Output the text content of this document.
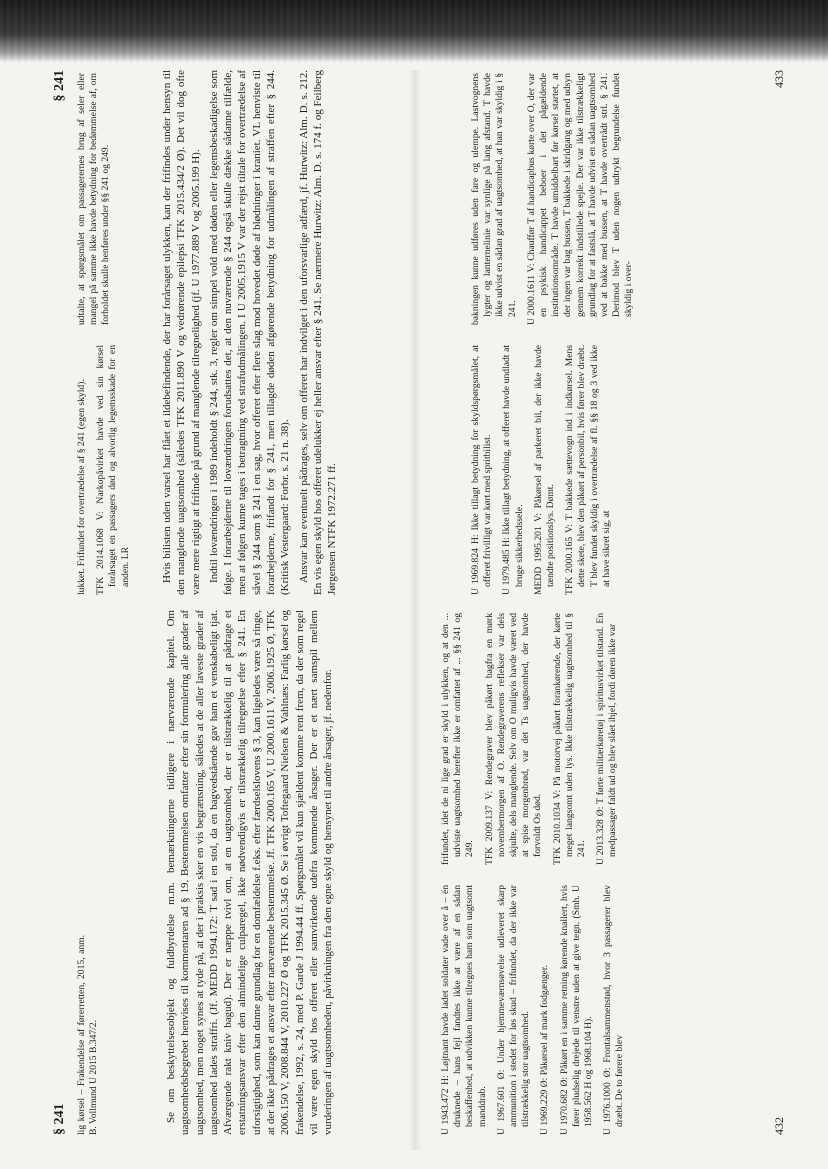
§ 241 lig kørsel – Frakendelse af førerretten, 2015, anm. B. Vollmund U 2015 B.347/2.	Se om beskyttelsesobjekt og fuldbyrdelse m.m. bemærkningerne tidligere i nærværende kapitel. Om uagtsomhedsbegrebet henvises til kommentaren ad § 19. Bestemmelsen omfatter efter sin formulering alle grader af uagtsomhed, men noget synes at tyde på, at der i praksis sker en vis begrænsning, således at de aller laveste grader af uagtsomhed lades straffri. (Jf. MEDD 1994.172: T sad i en stol, da en bagvedstående gav ham et venskabeligt tjat. Afværgende rakt kniv bagud). Der er næppe tvivl om, at en uagtsomhed, der er tilstrækkelig til at pådrage et erstatningsansvar efter den almindelige culparegel, ikke nødvendigvis er tilstrækkelig tilregnelse efter § 241. En uforsigtighed, som kan danne grundlag for en domfældelse f.eks. efter færdselslovens § 3, kan ligeledes være så ringe, at der ikke pådrages et ansvar efter nærværende bestemmelse. Jf. TFK 2000.165 V, U 2000.1611 V, 2006.1925 Ø, TFK 2006.150 V, 2008.844 V, 2010.227 Ø og TFK 2015.345 Ø. Se i øvrigt Toftegaard Nielsen & Vahlnæs: Farlig kørsel og frakendelse, 1992, s. 24, med P. Garde J 1994.44 ff. Spørgsmålet vil kun sjældent komme rent frem, da der som regel vil være egen skyld hos offeret eller samvirkende udefra kommende årsager. Der er et nært samspil mellem vurderingen af uagtsomheden, påvirkningen fra den egne skyld og hensynet til andre årsager, jf. nedenfor.	U 1943.472 H: Løjtnant havde ladet soldater vade over å – én druknede – hans fejl fandtes ikke at være af en sådan beskaffenhed, at udvikken kunne tilregnes ham som uagtsomt manddrab. U 1967.601 Ø: Under hjemmeværnsøvelse udleveret skarp ammunition i stedet for løs skud – frifundet, da der ikke var tilstrækkelig stor uagtsomhed. U 1969.229 Ø: Påkørsel af mark fodgænger. U 1970.682 Ø: Påkørt en i samme retning kørende knallert, hvis fører pludselig drejede til venstre uden at give tegn. (Smh. U 1958.562 H og 1968.104 H). U 1976.1000 Ø: Frontalsammenstød, hvor 3 passagerer blev dræbt. De to førere blev

frifundet, idet de ni lige grad er skyld i ulykken, og at den ... udviste uagtsomhed herefter ikke er omfattet af ... §§ 241 og 249. TFK 2009.137 V: Rendegraver blev påkørt bagfra en mørk novembermorgen af O. Rendegraverens reflekser var dels skjulte, dels manglende. Selv om O muligvis havde været ved at spise morgenbrød, var det Ts uagtsomhed, der havde forvoldt Os død. TFK 2010.1034 V: På motorvej påkørt forankørende, der kørte meget langsomt uden lys. Ikke tilstrækkelig uagtsomhed til § 241. U 2013.328 Ø: T førte militærkøretøj i spiritusvirket tilstand. En medpassager faldt ud og blev slået ihjel, fordi døren ikke var

432
§ 241

lukket. Frifundet for overtrædelse af § 241 (egen skyld). TFK 2014.1068 V: Narkopåvirket havde ved sin kørsel forårsaget en passagers død og alvorlig legemsskade for en anden. LR

udtalte, at spørgsmålet om passagerernes brug af seler eller mangel på samme ikke havde betydning for bedømmelse af, om forholdet skulle henføres under §§ 241 og 249.	Hvis bilisten uden varsel har flået et ildebefindende, der har forårsaget ulykken, kan der frifindes under hensyn til den manglende uagtsomhed (således TFK 2011.890 V og vedrørende epilepsi TFK 2015.434/2 Ø). Det vil dog ofte være mere rigtigt at frifinde på grund af manglende tilregnelighed (jf. U 1977.889 V og 2005.199 H). Indtil lovændringen i 1989 indeholdt § 244, stk. 3, regler om simpel vold med døden eller legemsbeskadigelse som følge. I forarbejderne til lovændringen forudsattes det, at den nuværende § 244 også skulle dække sådanne tilfælde, men at følgen kunne tages i betragtning ved strafudmålingen. I U 2005.1915 V var der rejst tiltale for overtrædelse af såvel § 244 som § 241 i en sag, hvor offeret efter flere slag mod hovedet døde af blødninger i kraniet. VL henviste til forarbejderne, frifandt for § 241, men tillagde døden afgørende betydning for udmålingen af straffen efter § 244. (Kritisk Vestergaard: Forbr. s. 21 n. 38). Ansvar kan eventuelt pådrages, selv om offeret har indvilget i den uforsvarlige adfærd, jf. Hurwitz: Alm. D. s. 212. En vis egen skyld hos offeret udelukker ej heller ansvar efter § 241. Se nærmere Hurwitz: Alm. D. s. 174 f. og Feilberg Jørgensen NTFK 1972.271 ff.	U 1969.824 H: Ikke tillagt betydning for skyldspørgsmålet, at offeret frivilligt var kørt med spritbilist. U 1979.485 H: Ikke tillagt betydning, at offeret havde undladt at bruge sikkerhedssele. MEDD 1995.201 V: Påkørsel af parkeret bil, der ikke havde tændte positionslys. Dømt. TFK 2000.165 V: T bakkede sættevogn ind i indkørsel. Mens dette skete, blev den påkørt af personbil, hvis fører blev dræbt. T blev fundet skyldig i overtrædelse af fl. §§ 18 og 3 ved ikke at have sikret sig, at

bakningen kunne udføres uden fare og ulempe. Lastvognens lygter og lanternelinie var synlige på lang afstand. T havde ikke udvist en sådan grad af uagtsomhed, at han var skyldig i § 241. U 2000.1611 V: Chauffør T af handicapbus kørte over O, der var en psykisk handicappet beboer i det pågældende institutionsområde. T havde umiddelbart før kørsel startet, at der ingen var bag bussen, T bakkede i skridgang og med udsyn gennem korrekt indstillede spejle. Der var ikke tilstrækkeligt grundlag for at fastslå, at T havde udvist en sådan uagtsomhed ved at bakke med bussen, at T havde overtrådt strl. § 241. Derimod blev T uden nogen udtrykt begrundelse fundet skyldig i over-

433
